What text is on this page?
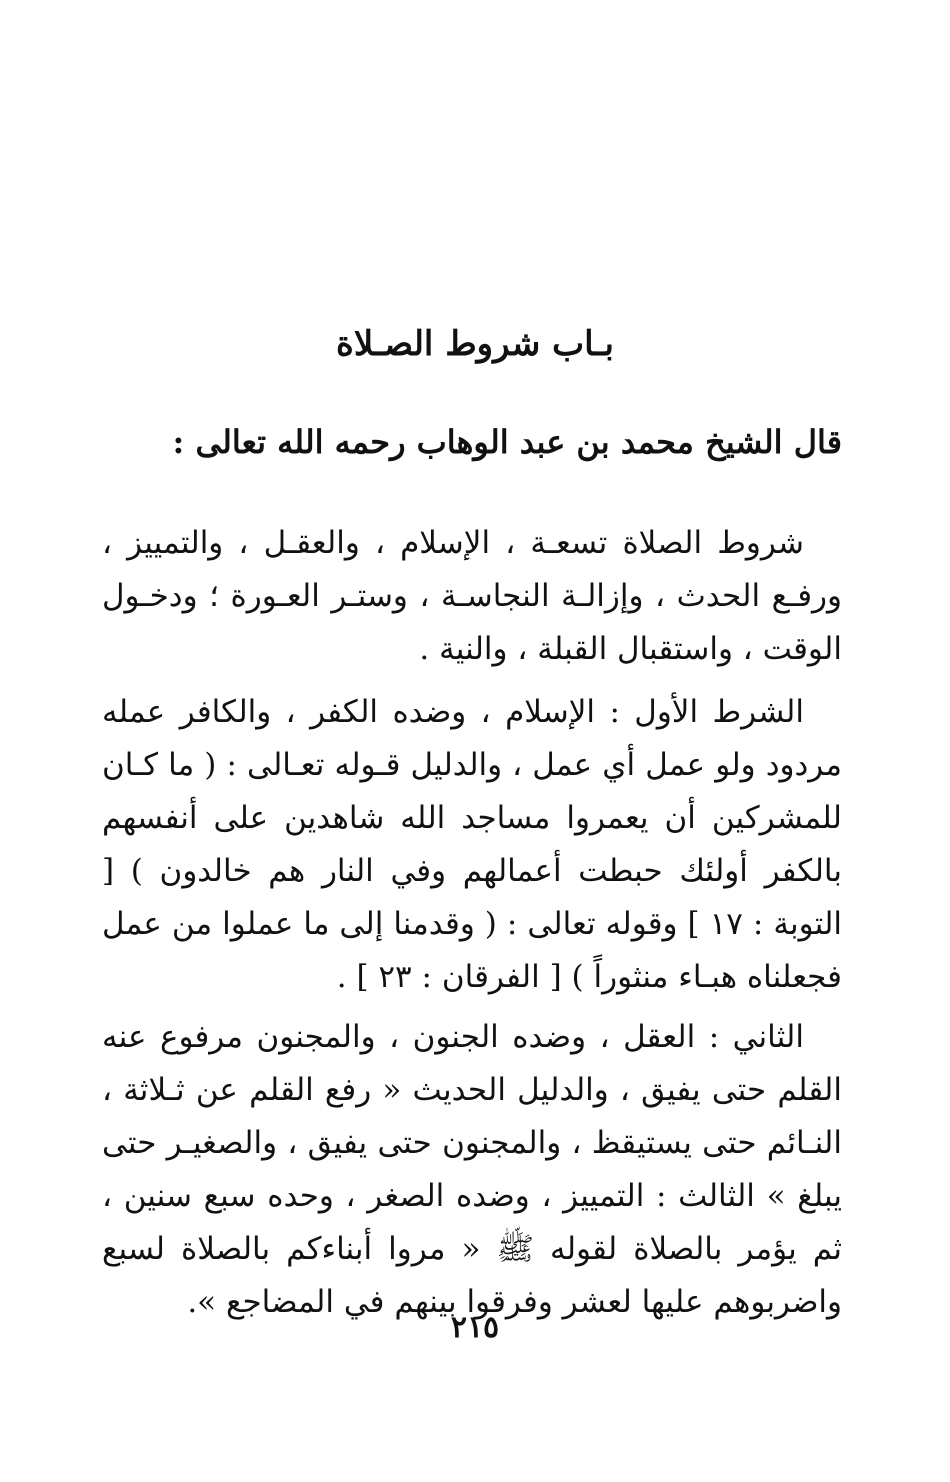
بـاب شروط الصـلاة
قال الشيخ محمد بن عبد الوهاب رحمه الله تعالى :

شروط الصلاة تسعـة ، الإسلام ، والعقـل ، والتمييز ، ورفـع الحدث ، وإزالـة النجاسـة ، وستـر العـورة ؛ ودخـول الوقت ، واستقبال القبلة ، والنية .

الشرط الأول : الإسلام ، وضده الكفر ، والكافر عمله مردود ولو عمل أي عمل ، والدليل قـوله تعـالى : ( ما كـان للمشركين أن يعمروا مساجد الله شاهدين على أنفسهم بالكفر أولئك حبطت أعمالهم وفي النار هم خالدون ) [ التوبة : ١٧ ] وقوله تعالى : ( وقدمنا إلى ما عملوا من عمل فجعلناه هبـاء منثوراً ) [ الفرقان : ٢٣ ] .

الثاني : العقل ، وضده الجنون ، والمجنون مرفوع عنه القلم حتى يفيق ، والدليل الحديث « رفع القلم عن ثـلاثة ، النـائم حتى يستيقظ ، والمجنون حتى يفيق ، والصغيـر حتى يبلغ » الثالث : التمييز ، وضده الصغر ، وحده سبع سنين ، ثم يؤمر بالصلاة لقوله ﷺ « مروا أبناءكم بالصلاة لسبع واضربوهم عليها لعشر وفرقوا بينهم في المضاجع ».

٢١٥
